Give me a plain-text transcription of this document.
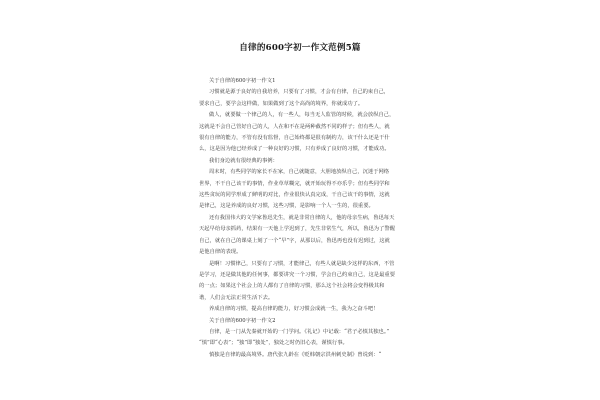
自律的600字初一作文范例5篇
关于自律的600字初一作文1
习惯就是源于良好的自我培养，只要有了习惯，才会有自律，自己的束自己，
要求自己，要学会这样做，如果做到了这个高尚的境界，你就成功了。
做人，就要做一个律己的人，有一些人，每当无人监管的时候，就会放纵自己，
这就是不会自己管好自己的人，人在和不在是两种截然不同的样子；但有些人，就
很有自律的能力，不管有没有监督，自己始终都是很有制约力，该干什么还是干什
么，这是因为他已经养成了一种良好的习惯，只有养成了良好的习惯，才能成功。
我们身边就有很经典的事例：
周末时，有些同学的家长不在家，自己就随意，大胆地放纵自己，沉迷于网络
世界，不干自己该干的事情，作业草草糊完，就开始玩得不亦乐乎；但有些同学和
这些贪玩的同学形成了鲜明的对比，作业很快认真完成，干自己该干的事情，这就
是律己，这是养成的良好习惯，这些习惯，是影响一个人一生的，很重要。
还有我国伟大的文学家鲁迅先生，就是非常自律的人，他的母亲生病，鲁迅每天
天起早给母亲抓药，结果有一天他上学迟到了，先生非常生气，所以，鲁迅为了警醒
自己，就在自己的课桌上刻了一个“早”字，从那以后，鲁迅再也没有迟到过，这就
是他自律的表现。
是啊！习惯律己，只要有了习惯，才能律己，有些人就是缺少这样的东西，不管
是学习，还是做其他的任何事，都要讲究一个习惯，学会自己约束自己，这是最重要
的一点；如果这个社会上的人都有了自律的习惯，那么这个社会将会变得极其和
谐，人们会无法正常生活下去。
养成自律的习惯，提高自律的能力，好习惯会成就一生，我为之奋斗吧！
关于自律的600字初一作文2
自律，是一门从先秦就开始的一门学问。《礼记》中记载：“君子必慎其独也。”
“慎”即“心表”；“独”即“独处”，独处之时仍旧心表，谨慎行事。
慎独是自律的最高境界。唐代张九龄在《贬韩朝宗洪州刺史制》曾说到：“
